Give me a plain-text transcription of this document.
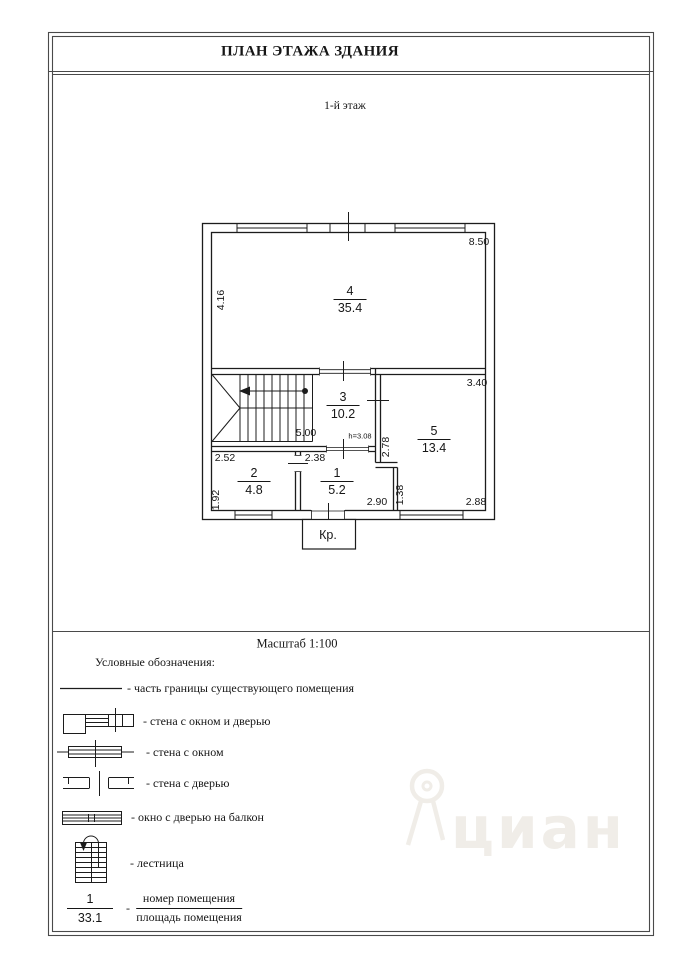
циан
ПЛАН ЭТАЖА ЗДАНИЯ
1-й этаж
4
35.4
3
10.2
5
13.4
2
4.8
1
5.2
8.50
4.16
3.40
5.00	h=3.08
2.78
2.52	2.38
1.92	2.90 1.38	2.88
Кр.
Масштаб 1:100
Условные обозначения:
- часть границы существующего помещения
- стена с окном и дверью
- стена с окном
- стена с дверью
- окно с дверью на балкон
- лестница
$\frac{1}{33.1}$ -
номер помещения
площадь помещения
